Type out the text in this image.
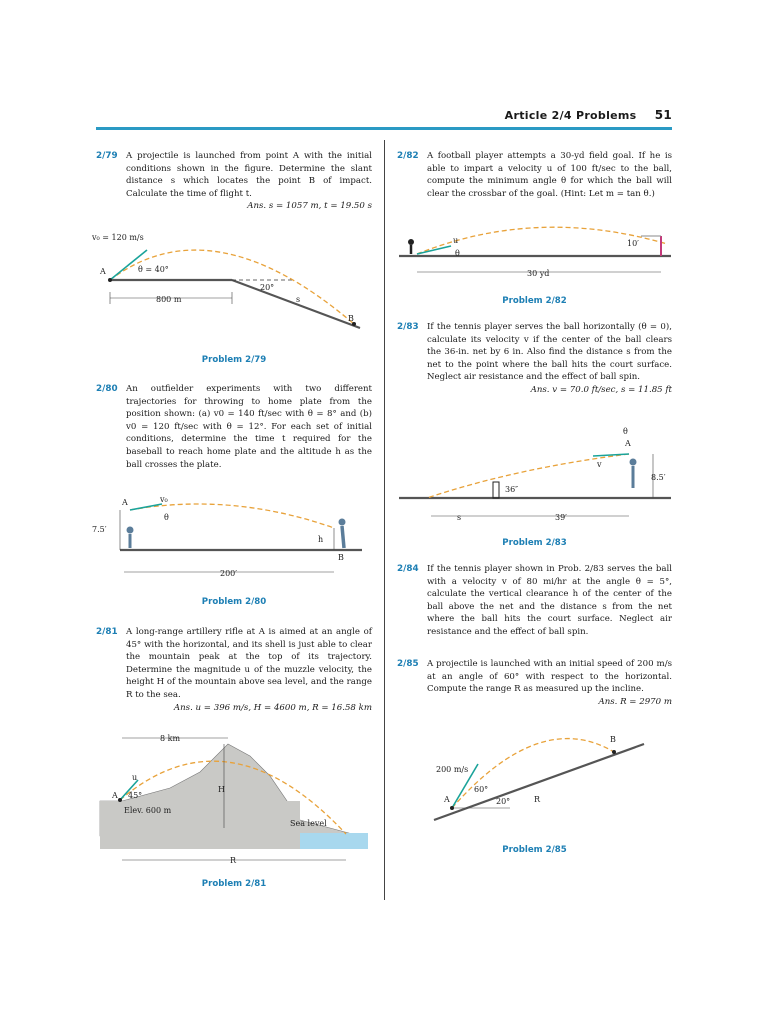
Article 2/4 Problems 51
2/79 A projectile is launched from point A with the initial conditions shown in the figure. Determine the slant distance s which locates the point B of impact. Calculate the time of flight t.
Ans. s = 1057 m, t = 19.50 s
v₀ = 120 m/s
θ = 40°
A
B
800 m
20°
s
Problem 2/79
2/80 An outfielder experiments with two different trajectories for throwing to home plate from the position shown: (a) v0 = 140 ft/sec with θ = 8° and (b) v0 = 120 ft/sec with θ = 12°. For each set of initial conditions, determine the time t required for the baseball to reach home plate and the altitude h as the ball crosses the plate.
A	v₀
θ
7.5′
h
B
200′
Problem 2/80
2/81 A long-range artillery rifle at A is aimed at an angle of 45° with the horizontal, and its shell is just able to clear the mountain peak at the top of its trajectory. Determine the magnitude u of the muzzle velocity, the height H of the mountain above sea level, and the range R to the sea.
Ans. u = 396 m/s, H = 4600 m, R = 16.58 km
8 km
u
A 45°
H
Elev. 600 m
Sea level
R
Problem 2/81
2/82 A football player attempts a 30-yd field goal. If he is able to impart a velocity u of 100 ft/sec to the ball, compute the minimum angle θ for which the ball will clear the crossbar of the goal. (Hint: Let m = tan θ.)
u
θ
10′
30 yd
Problem 2/82
2/83 If the tennis player serves the ball horizontally (θ = 0), calculate its velocity v if the center of the ball clears the 36-in. net by 6 in. Also find the distance s from the net to the point where the ball hits the court surface. Neglect air resistance and the effect of ball spin.
Ans. v = 70.0 ft/sec, s = 11.85 ft
θ
A
v
8.5′
36″
s	39′
Problem 2/83
2/84 If the tennis player shown in Prob. 2/83 serves the ball with a velocity v of 80 mi/hr at the angle θ = 5°, calculate the vertical clearance h of the center of the ball above the net and the distance s from the net where the ball hits the court surface. Neglect air resistance and the effect of ball spin.
2/85 A projectile is launched with an initial speed of 200 m/s at an angle of 60° with respect to the horizontal. Compute the range R as measured up the incline.
Ans. R = 2970 m
B
200 m/s
A
60°
20°	R
Problem 2/85
